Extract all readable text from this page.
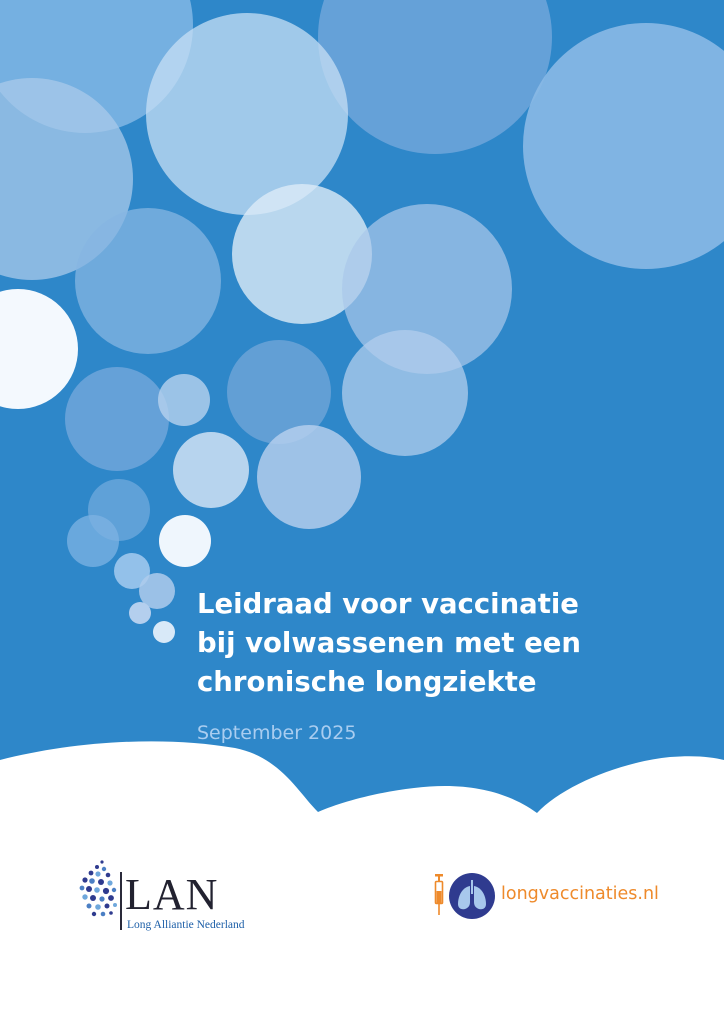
Leidraad voor vaccinatie
bij volwassenen met een
chronische longziekte
September 2025
LAN
Long Alliantie Nederland
longvaccinaties.nl
